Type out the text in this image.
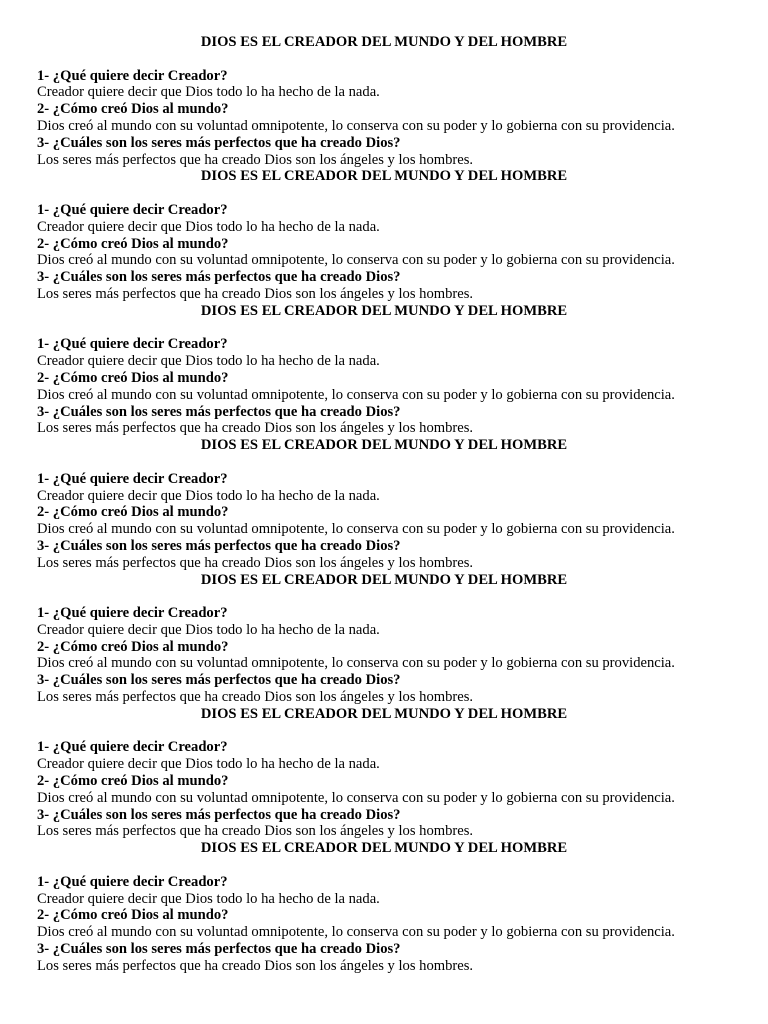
DIOS ES EL CREADOR DEL MUNDO Y DEL HOMBRE
1- ¿Qué quiere decir Creador?
Creador quiere decir que Dios todo lo ha hecho de la nada.
2- ¿Cómo creó Dios al mundo?
Dios creó al mundo con su voluntad omnipotente, lo conserva con su poder y lo gobierna con su providencia.
3- ¿Cuáles son los seres más perfectos que ha creado Dios?
Los seres más perfectos que ha creado Dios son los ángeles y los hombres.
DIOS ES EL CREADOR DEL MUNDO Y DEL HOMBRE
1- ¿Qué quiere decir Creador?
Creador quiere decir que Dios todo lo ha hecho de la nada.
2- ¿Cómo creó Dios al mundo?
Dios creó al mundo con su voluntad omnipotente, lo conserva con su poder y lo gobierna con su providencia.
3- ¿Cuáles son los seres más perfectos que ha creado Dios?
Los seres más perfectos que ha creado Dios son los ángeles y los hombres.
DIOS ES EL CREADOR DEL MUNDO Y DEL HOMBRE
1- ¿Qué quiere decir Creador?
Creador quiere decir que Dios todo lo ha hecho de la nada.
2- ¿Cómo creó Dios al mundo?
Dios creó al mundo con su voluntad omnipotente, lo conserva con su poder y lo gobierna con su providencia.
3- ¿Cuáles son los seres más perfectos que ha creado Dios?
Los seres más perfectos que ha creado Dios son los ángeles y los hombres.
DIOS ES EL CREADOR DEL MUNDO Y DEL HOMBRE
1- ¿Qué quiere decir Creador?
Creador quiere decir que Dios todo lo ha hecho de la nada.
2- ¿Cómo creó Dios al mundo?
Dios creó al mundo con su voluntad omnipotente, lo conserva con su poder y lo gobierna con su providencia.
3- ¿Cuáles son los seres más perfectos que ha creado Dios?
Los seres más perfectos que ha creado Dios son los ángeles y los hombres.
DIOS ES EL CREADOR DEL MUNDO Y DEL HOMBRE
1- ¿Qué quiere decir Creador?
Creador quiere decir que Dios todo lo ha hecho de la nada.
2- ¿Cómo creó Dios al mundo?
Dios creó al mundo con su voluntad omnipotente, lo conserva con su poder y lo gobierna con su providencia.
3- ¿Cuáles son los seres más perfectos que ha creado Dios?
Los seres más perfectos que ha creado Dios son los ángeles y los hombres.
DIOS ES EL CREADOR DEL MUNDO Y DEL HOMBRE
1- ¿Qué quiere decir Creador?
Creador quiere decir que Dios todo lo ha hecho de la nada.
2- ¿Cómo creó Dios al mundo?
Dios creó al mundo con su voluntad omnipotente, lo conserva con su poder y lo gobierna con su providencia.
3- ¿Cuáles son los seres más perfectos que ha creado Dios?
Los seres más perfectos que ha creado Dios son los ángeles y los hombres.
DIOS ES EL CREADOR DEL MUNDO Y DEL HOMBRE
1- ¿Qué quiere decir Creador?
Creador quiere decir que Dios todo lo ha hecho de la nada.
2- ¿Cómo creó Dios al mundo?
Dios creó al mundo con su voluntad omnipotente, lo conserva con su poder y lo gobierna con su providencia.
3- ¿Cuáles son los seres más perfectos que ha creado Dios?
Los seres más perfectos que ha creado Dios son los ángeles y los hombres.
